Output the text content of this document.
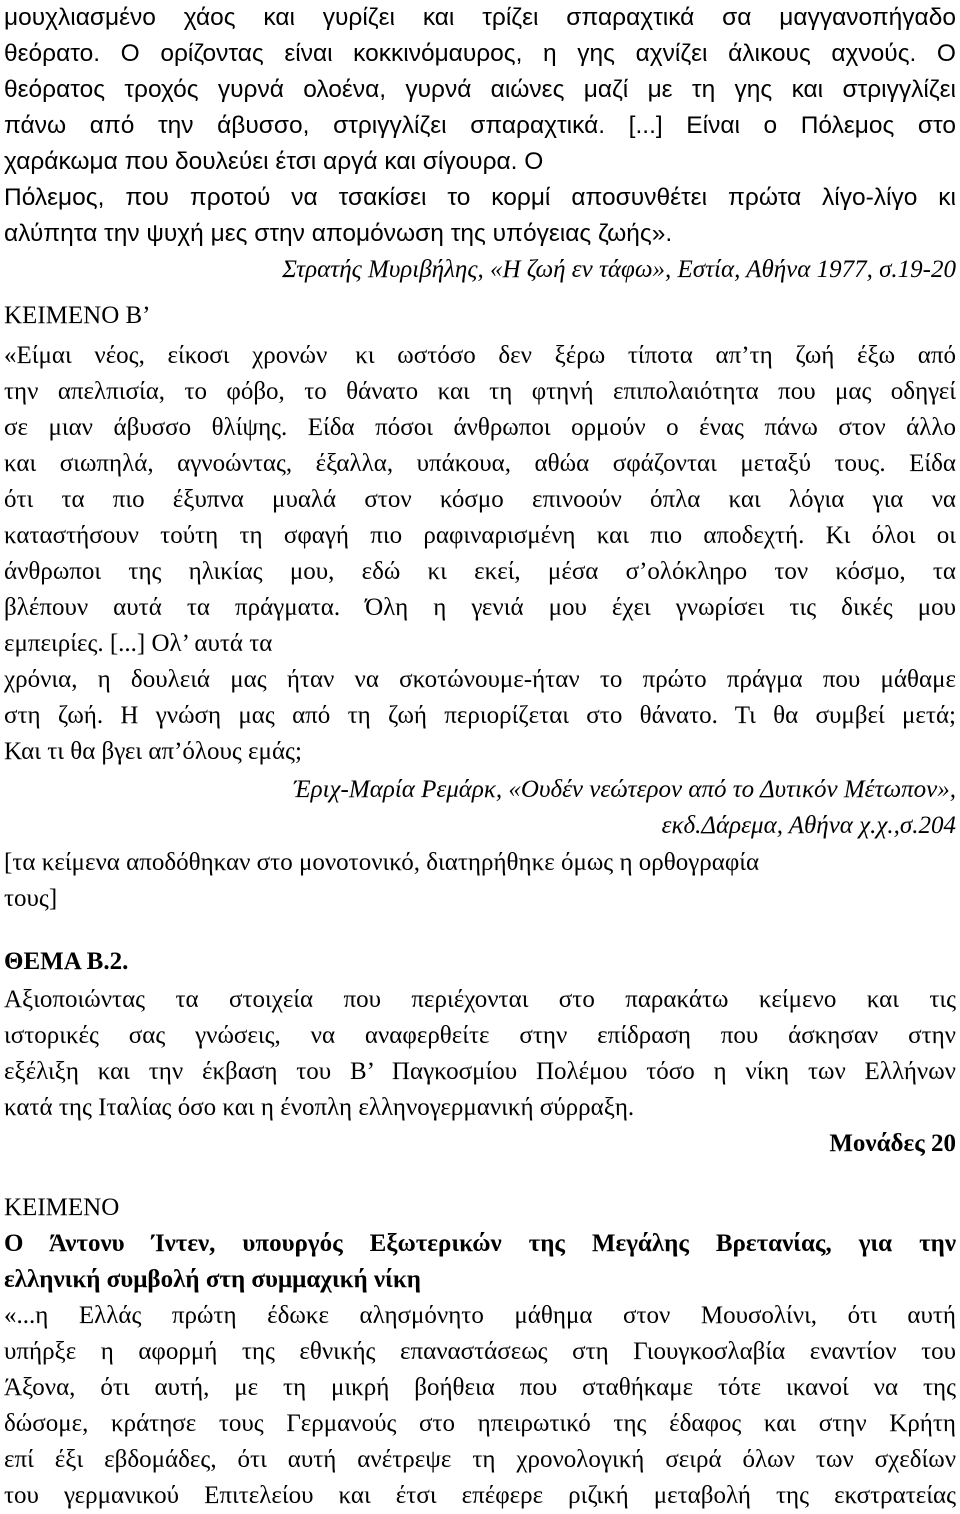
μουχλιασμένο χάος και γυρίζει και τρίζει σπαραχτικά σα μαγγανοπήγαδο
θεόρατο. Ο ορίζοντας είναι κοκκινόμαυρος, η γης αχνίζει άλικους αχνούς. Ο
θεόρατος τροχός γυρνά ολοένα, γυρνά αιώνες μαζί με τη γης και στριγγλίζει
πάνω από την άβυσσο, στριγγλίζει σπαραχτικά. [...] Είναι ο Πόλεμος στο
χαράκωμα που δουλεύει έτσι αργά και σίγουρα. Ο
Πόλεμος, που προτού να τσακίσει το κορμί αποσυνθέτει πρώτα λίγο-λίγο κι
αλύπητα την ψυχή μες στην απομόνωση της υπόγειας ζωής».
Στρατής Μυριβήλης, «Η ζωή εν τάφω», Εστία, Αθήνα 1977, σ.19-20
ΚΕΙΜΕΝΟ Β’
«Είμαι νέος, είκοσι χρονών κι ωστόσο δεν ξέρω τίποτα απ’τη ζωή έξω από
την απελπισία, το φόβο, το θάνατο και τη φτηνή επιπολαιότητα που μας οδηγεί
σε μιαν άβυσσο θλίψης. Είδα πόσοι άνθρωποι ορμούν ο ένας πάνω στον άλλο
και σιωπηλά, αγνοώντας, έξαλλα, υπάκουα, αθώα σφάζονται μεταξύ τους. Είδα
ότι τα πιο έξυπνα μυαλά στον κόσμο επινοούν όπλα και λόγια για να
καταστήσουν τούτη τη σφαγή πιο ραφιναρισμένη και πιο αποδεχτή. Κι όλοι οι
άνθρωποι της ηλικίας μου, εδώ κι εκεί, μέσα σ’ολόκληρο τον κόσμο, τα
βλέπουν αυτά τα πράγματα. Όλη η γενιά μου έχει γνωρίσει τις δικές μου
εμπειρίες. [...] Ολ’ αυτά τα
χρόνια, η δουλειά μας ήταν να σκοτώνουμε-ήταν το πρώτο πράγμα που μάθαμε
στη ζωή. Η γνώση μας από τη ζωή περιορίζεται στο θάνατο. Τι θα συμβεί μετά;
Και τι θα βγει απ’όλους εμάς;
Έριχ-Μαρία Ρεμάρκ, «Ουδέν νεώτερον από το Δυτικόν Μέτωπον»,
εκδ.Δάρεμα, Αθήνα χ.χ.,σ.204
[τα κείμενα αποδόθηκαν στο μονοτονικό, διατηρήθηκε όμως η ορθογραφία
τους]
ΘΕΜΑ Β.2.
Αξιοποιώντας τα στοιχεία που περιέχονται στο παρακάτω κείμενο και τις
ιστορικές σας γνώσεις, να αναφερθείτε στην επίδραση που άσκησαν στην
εξέλιξη και την έκβαση του Β’ Παγκοσμίου Πολέμου τόσο η νίκη των Ελλήνων
κατά της Ιταλίας όσο και η ένοπλη ελληνογερμανική σύρραξη.
Μονάδες 20
ΚΕΙΜΕΝΟ
Ο Άντονυ Ίντεν, υπουργός Εξωτερικών της Μεγάλης Βρετανίας, για την
ελληνική συμβολή στη συμμαχική νίκη
«...η Ελλάς πρώτη έδωκε αλησμόνητο μάθημα στον Μουσολίνι, ότι αυτή
υπήρξε η αφορμή της εθνικής επαναστάσεως στη Γιουγκοσλαβία εναντίον του
Άξονα, ότι αυτή, με τη μικρή βοήθεια που σταθήκαμε τότε ικανοί να της
δώσομε, κράτησε τους Γερμανούς στο ηπειρωτικό της έδαφος και στην Κρήτη
επί έξι εβδομάδες, ότι αυτή ανέτρεψε τη χρονολογική σειρά όλων των σχεδίων
του γερμανικού Επιτελείου και έτσι επέφερε ριζική μεταβολή της εκστρατείας
